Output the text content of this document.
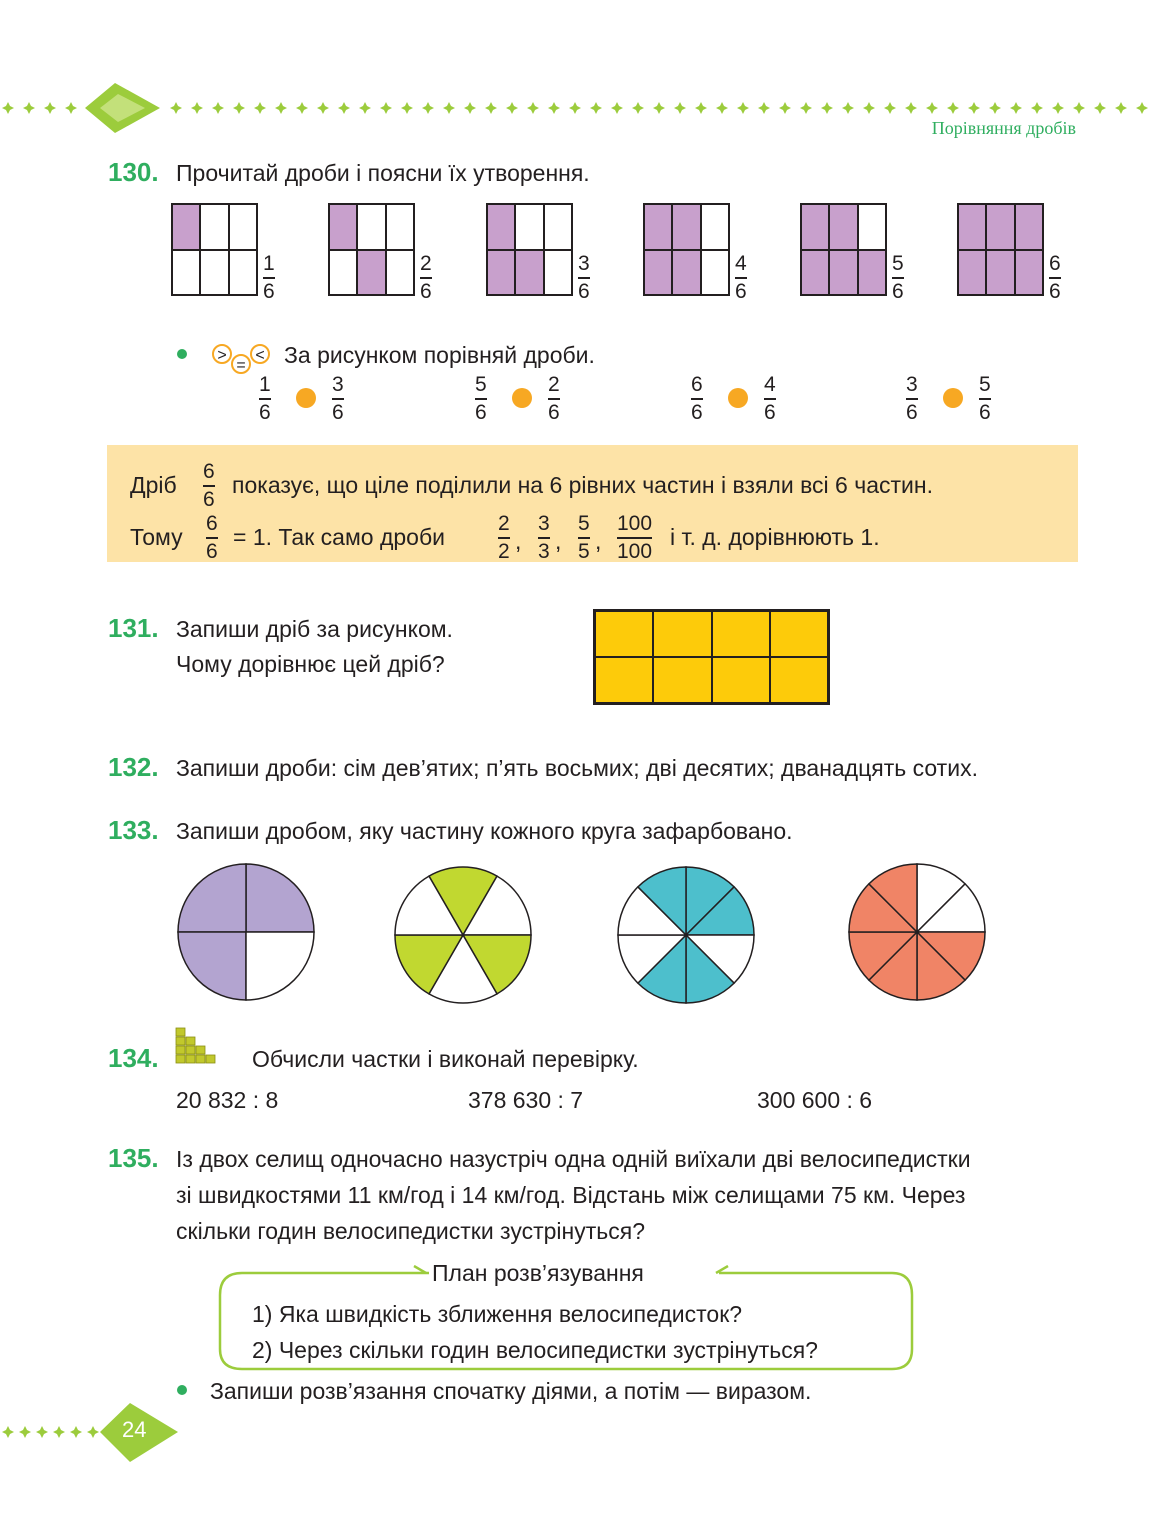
Порівняння дробів
130. Прочитай дроби і поясни їх утворення.
1
6
2
6
3
6
4
6
5
6
6
6
>
=
< За рисунком порівняй дроби.
1
6
3
6
5
6
2
6
6
6
4
6
3
6
5
6
Дріб
6
6
показує, що ціле поділили на 6 рівних частин і взяли всі 6 частин.
Тому
6
6
= 1. Так само дроби
2
2 ,
3
3 ,
5
5 ,
100
100
і т. д. дорівнюють 1.
131. Запиши дріб за рисунком.
Чому дорівнює цей дріб?
132. Запиши дроби: сім дев’ятих; п’ять восьмих; дві десятих; дванадцять сотих.
133. Запиши дробом, яку частину кожного круга зафарбовано.
134.	Обчисли частки і виконай перевірку.
20 832 : 8	378 630 : 7	300 600 : 6
135. Із двох селищ одночасно назустріч одна одній виїхали дві велосипедистки
зі швидкостями 11 км/год і 14 км/год. Відстань між селищами 75 км. Через
скільки годин велосипедистки зустрінуться?
План розв’язування
1) Яка швидкість зближення велосипедисток?
2) Через скільки годин велосипедистки зустрінуться?
Запиши розв’язання спочатку діями, а потім — виразом.
24
